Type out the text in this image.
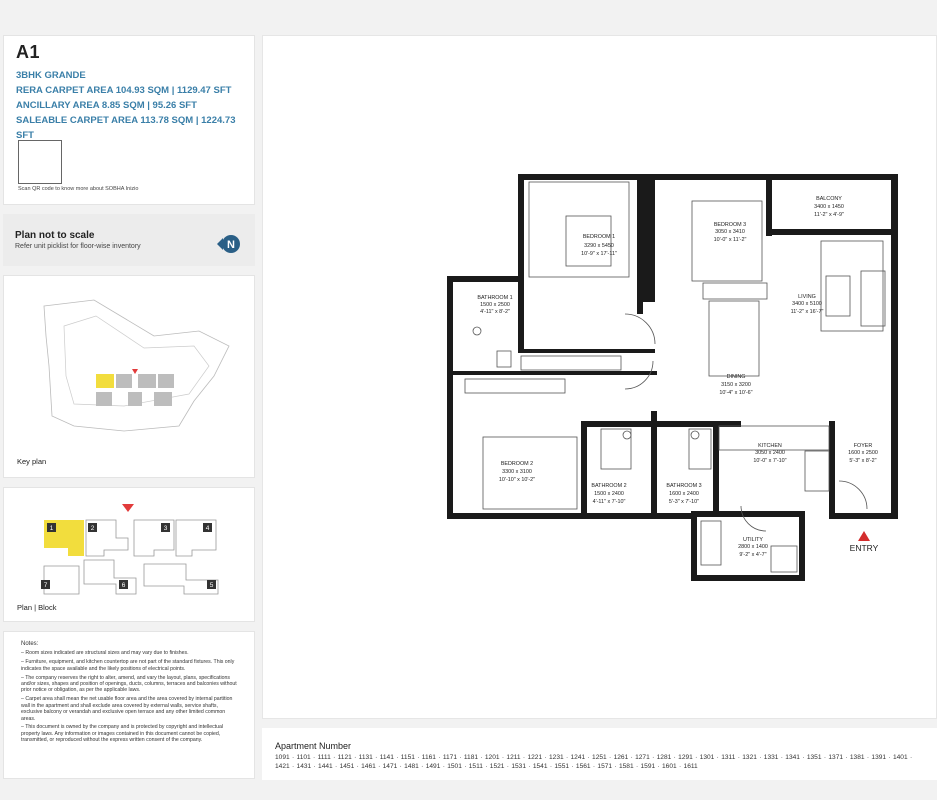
A1
3BHK GRANDE
RERA CARPET AREA 104.93 SQM | 1129.47 SFT
ANCILLARY AREA 8.85 SQM | 95.26 SFT
SALEABLE CARPET AREA 113.78 SQM | 1224.73 SFT
Scan QR code to know more about SOBHA Inizio
Plan not to scale
Refer unit picklist for floor-wise inventory	N
Key plan
1	2	3	4
5
6
7
Plan | Block
Notes:
– Room sizes indicated are structural sizes and may vary due to finishes.
– Furniture, equipment, and kitchen countertop are not part of the standard fixtures. This only indicates the space available and the likely positions of electrical points.
– The company reserves the right to alter, amend, and vary the layout, plans, specifications and/or sizes, shapes and position of openings, ducts, columns, terraces and balconies without prior notice or obligation, as per the applicable laws.
– Carpet area shall mean the net usable floor area and the area covered by internal partition wall in the apartment and shall exclude area covered by external walls, service shafts, exclusive balcony or verandah and exclusive open terrace and any other limited common areas.
– This document is owned by the company and is protected by copyright and intellectual property laws. Any information or images contained in this document cannot be copied, transmitted, or reproduced without the express written consent of the company.
ENTRY
BEDROOM 1
3290 x 5450
10'-9" x 17'-11"
BEDROOM 3
3050 x 3410
10'-0" x 11'-2"
BALCONY
3400 x 1450
11'-2" x 4'-9"
BATHROOM 1
1500 x 2500
4'-11" x 8'-2"
LIVING
3400 x 5100
11'-2" x 16'-7"
DINING
3150 x 3200
10'-4" x 10'-6"
BEDROOM 2
3300 x 3100
10'-10" x 10'-2"
BATHROOM 2
1500 x 2400
4'-11" x 7'-10"
BATHROOM 3
1600 x 2400
5'-3" x 7'-10"
KITCHEN
3050 x 2400
10'-0" x 7'-10"
FOYER
1600 x 2500
5'-3" x 8'-2"
UTILITY
2800 x 1400
9'-2" x 4'-7"
Apartment Number
1091 · 1101 · 1111 · 1121 · 1131 · 1141 · 1151 · 1161 · 1171 · 1181 · 1201 · 1211 · 1221 · 1231 · 1241 · 1251 · 1261 · 1271 · 1281 · 1291 · 1301 · 1311 · 1321 · 1331 · 1341 · 1351 · 1371 · 1381 · 1391 · 1401 · 1421 · 1431 · 1441 · 1451 · 1461 · 1471 · 1481 · 1491 · 1501 · 1511 · 1521 · 1531 · 1541 · 1551 · 1561 · 1571 · 1581 · 1591 · 1601 · 1611
